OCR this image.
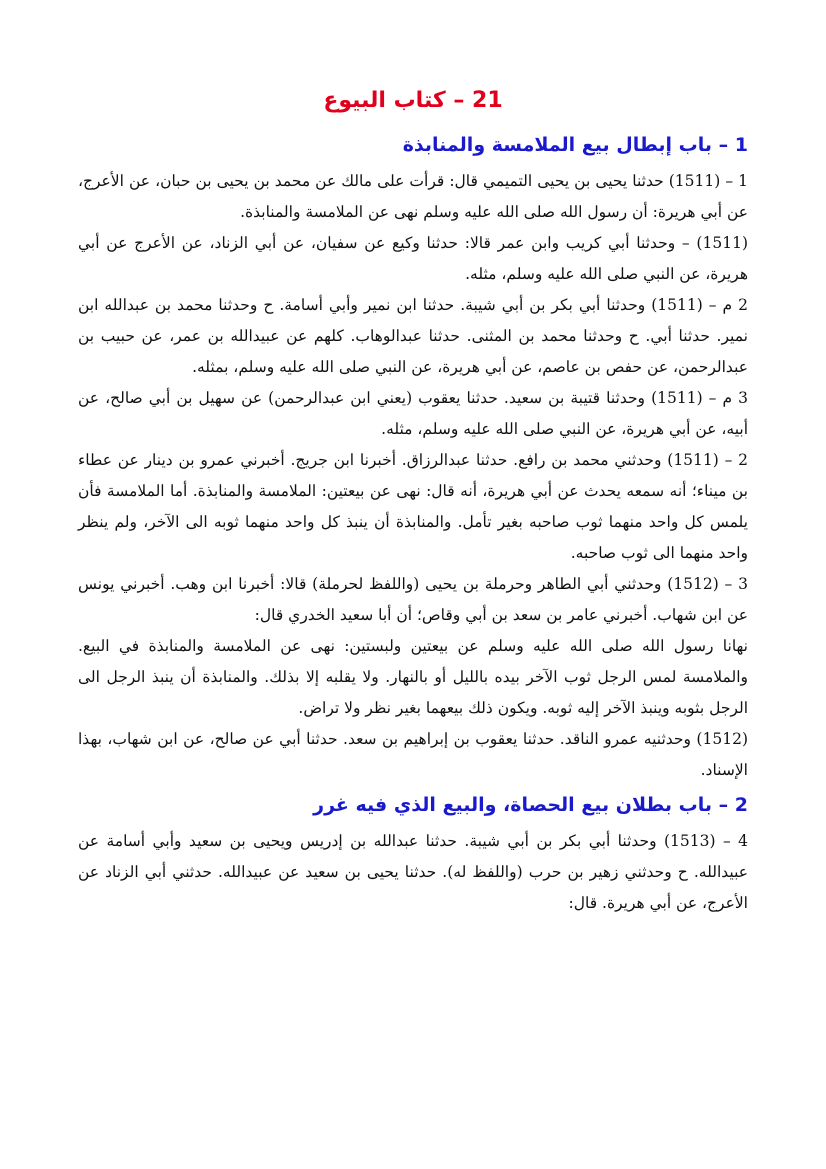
21 – كتاب البيوع
1 – باب إبطال بيع الملامسة والمنابذة

1 – (1511) حدثنا يحيى بن يحيى التميمي قال: قرأت على مالك عن محمد بن يحيى بن حبان، عن الأعرج، عن أبي هريرة: أن رسول الله صلى الله عليه وسلم نهى عن الملامسة والمنابذة.

(1511) – وحدثنا أبي كريب وابن عمر قالا: حدثنا وكيع عن سفيان، عن أبي الزناد، عن الأعرج عن أبي هريرة، عن النبي صلى الله عليه وسلم، مثله.

2 م – (1511) وحدثنا أبي بكر بن أبي شيبة. حدثنا ابن نمير وأبي أسامة. ح وحدثنا محمد بن عبدالله ابن نمير. حدثنا أبي. ح وحدثنا محمد بن المثنى. حدثنا عبدالوهاب. كلهم عن عبيدالله بن عمر، عن حبيب بن عبدالرحمن، عن حفص بن عاصم، عن أبي هريرة، عن النبي صلى الله عليه وسلم، بمثله.

3 م – (1511) وحدثنا قتيبة بن سعيد. حدثنا يعقوب (يعني ابن عبدالرحمن) عن سهيل بن أبي صالح، عن أبيه، عن أبي هريرة، عن النبي صلى الله عليه وسلم، مثله.

2 – (1511) وحدثني محمد بن رافع. حدثنا عبدالرزاق. أخبرنا ابن جريج. أخبرني عمرو بن دينار عن عطاء بن ميناء؛ أنه سمعه يحدث عن أبي هريرة، أنه قال: نهى عن بيعتين: الملامسة والمنابذة. أما الملامسة فأن يلمس كل واحد منهما ثوب صاحبه بغير تأمل. والمنابذة أن ينبذ كل واحد منهما ثوبه الى الآخر، ولم ينظر واحد منهما الى ثوب صاحبه.

3 – (1512) وحدثني أبي الطاهر وحرملة بن يحيى (واللفظ لحرملة) قالا: أخبرنا ابن وهب. أخبرني يونس عن ابن شهاب. أخبرني عامر بن سعد بن أبي وقاص؛ أن أبا سعيد الخدري قال:

نهانا رسول الله صلى الله عليه وسلم عن بيعتين ولبستين: نهى عن الملامسة والمنابذة في البيع. والملامسة لمس الرجل ثوب الآخر بيده بالليل أو بالنهار. ولا يقلبه إلا بذلك. والمنابذة أن ينبذ الرجل الى الرجل بثوبه وينبذ الآخر إليه ثوبه. ويكون ذلك بيعهما بغير نظر ولا تراض.

(1512) وحدثنيه عمرو الناقد. حدثنا يعقوب بن إبراهيم بن سعد. حدثنا أبي عن صالح، عن ابن شهاب، بهذا الإسناد.

2 – باب بطلان بيع الحصاة، والبيع الذي فيه غرر

4 – (1513) وحدثنا أبي بكر بن أبي شيبة. حدثنا عبدالله بن إدريس ويحيى بن سعيد وأبي أسامة عن عبيدالله. ح وحدثني زهير بن حرب (واللفظ له). حدثنا يحيى بن سعيد عن عبيدالله. حدثني أبي الزناد عن الأعرج، عن أبي هريرة. قال:
